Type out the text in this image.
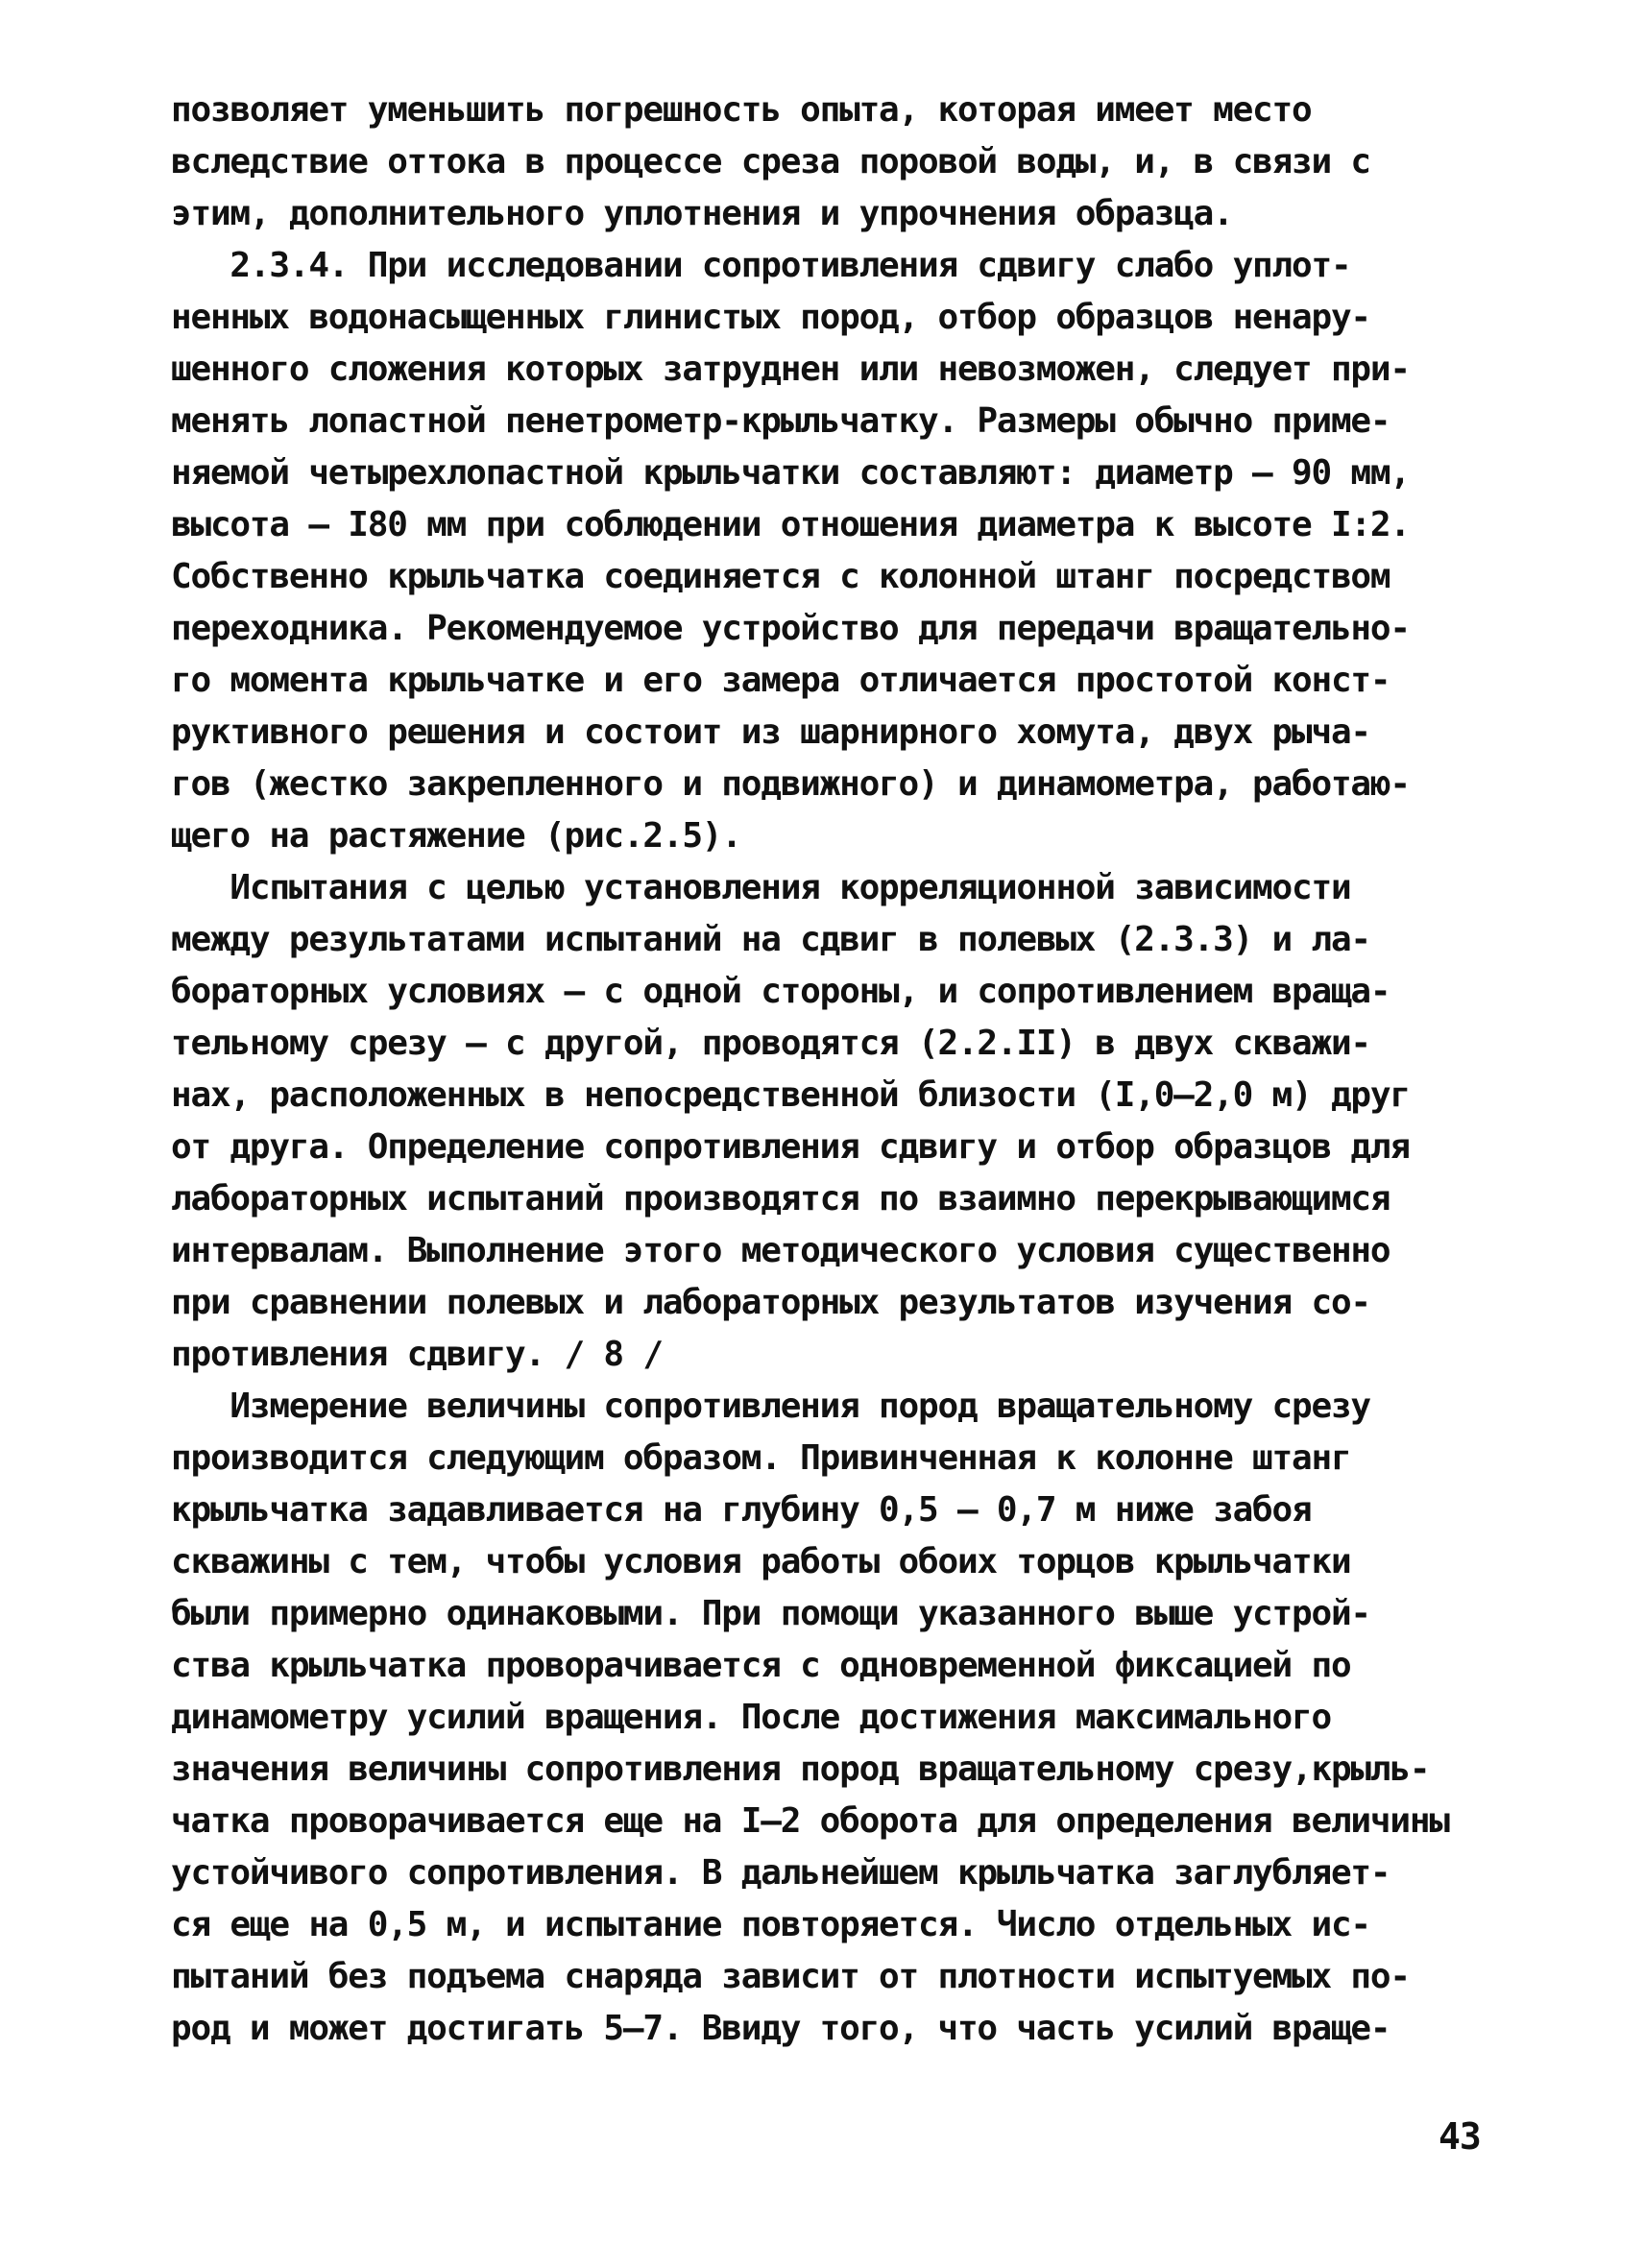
позволяет уменьшить погрешность опыта, которая имеет место
вследствие оттока в процессе среза поровой воды, и, в связи с
этим, дополнительного уплотнения и упрочнения образца.
2.3.4. При исследовании сопротивления сдвигу слабо уплот-
ненных водонасыщенных глинистых пород, отбор образцов ненару-
шенного сложения которых затруднен или невозможен, следует при-
менять лопастной пенетрометр-крыльчатку. Размеры обычно приме-
няемой четырехлопастной крыльчатки составляют: диаметр – 90 мм,
высота – I80 мм при соблюдении отношения диаметра к высоте I:2.
Собственно крыльчатка соединяется с колонной штанг посредством
переходника. Рекомендуемое устройство для передачи вращательно-
го момента крыльчатке и его замера отличается простотой конст-
руктивного решения и состоит из шарнирного хомута, двух рыча-
гов (жестко закрепленного и подвижного) и динамометра, работаю-
щего на растяжение (рис.2.5).
Испытания с целью установления корреляционной зависимости
между результатами испытаний на сдвиг в полевых (2.3.3) и ла-
бораторных условиях – с одной стороны, и сопротивлением враща-
тельному срезу – с другой, проводятся (2.2.II) в двух скважи-
нах, расположенных в непосредственной близости (I,0–2,0 м) друг
от друга. Определение сопротивления сдвигу и отбор образцов для
лабораторных испытаний производятся по взаимно перекрывающимся
интервалам. Выполнение этого методического условия существенно
при сравнении полевых и лабораторных результатов изучения со-
противления сдвигу. / 8 /
Измерение величины сопротивления пород вращательному срезу
производится следующим образом. Привинченная к колонне штанг
крыльчатка задавливается на глубину 0,5 – 0,7 м ниже забоя
скважины с тем, чтобы условия работы обоих торцов крыльчатки
были примерно одинаковыми. При помощи указанного выше устрой-
ства крыльчатка проворачивается с одновременной фиксацией по
динамометру усилий вращения. После достижения максимального
значения величины сопротивления пород вращательному срезу,крыль-
чатка проворачивается еще на I–2 оборота для определения величины
устойчивого сопротивления. В дальнейшем крыльчатка заглубляет-
ся еще на 0,5 м, и испытание повторяется. Число отдельных ис-
пытаний без подъема снаряда зависит от плотности испытуемых по-
род и может достигать 5–7. Ввиду того, что часть усилий враще-
43
